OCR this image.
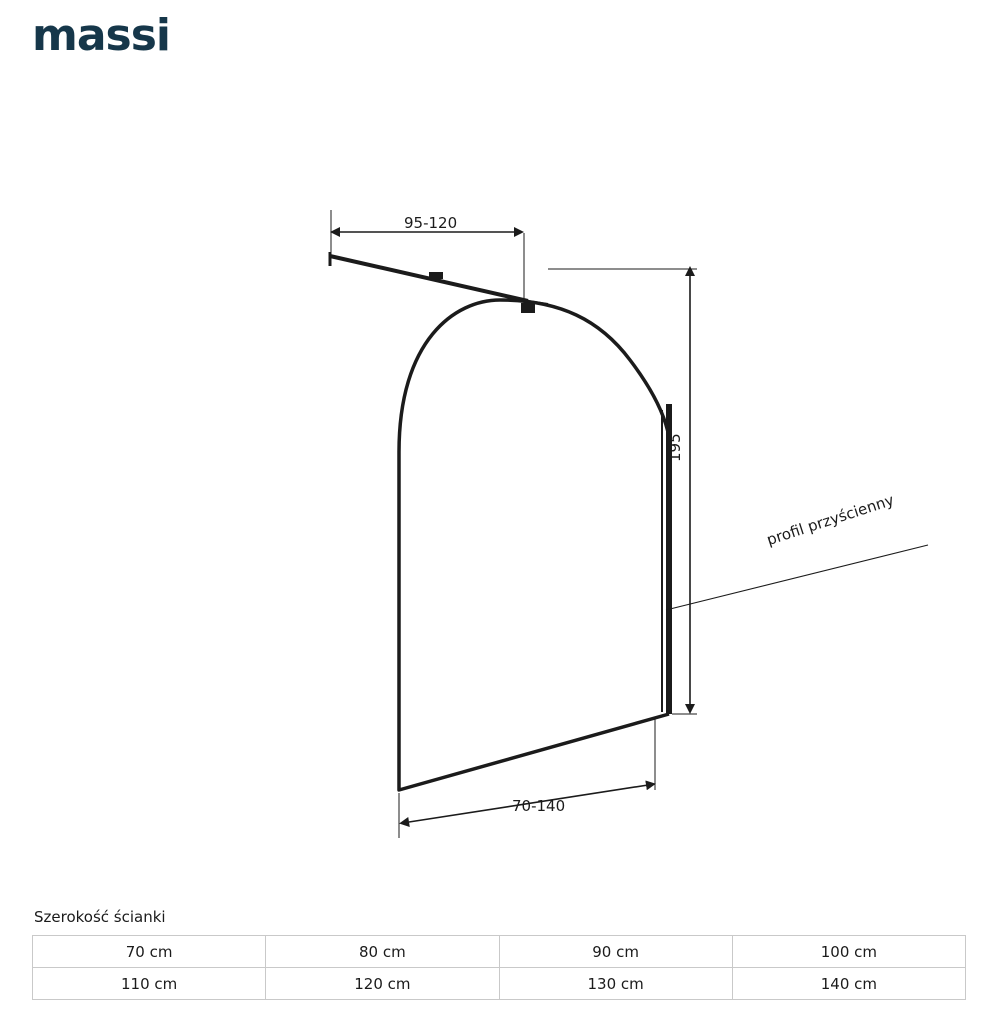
massi
95-120
70-140
195
profil przyścienny
Szerokość ścianki
70 cm	80 cm	90 cm	100 cm
110 cm	120 cm	130 cm	140 cm
